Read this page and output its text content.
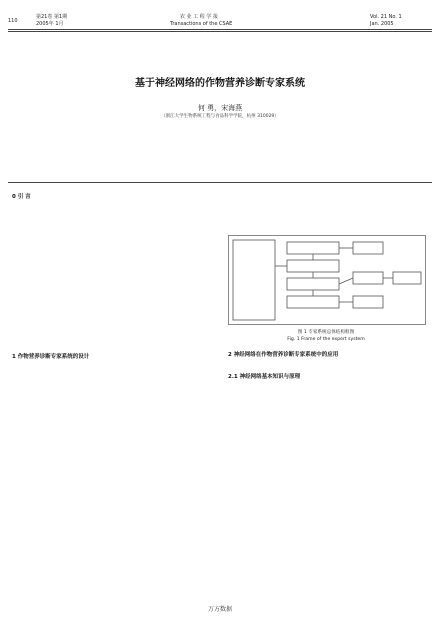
110
第21卷 第1期
2005年 1月
农 业 工 程 学 报
Transactions of the CSAE
Vol. 21 No. 1
Jan. 2005
基于神经网络的作物营养诊断专家系统
何 勇，宋海燕
（浙江大学生物系统工程与食品科学学院，杭州 310029）
0 引 言
1 作物营养诊断专家系统的设计
图 1 专家系统总体结构框图
Fig. 1 Frame of the expert system
2 神经网络在作物营养诊断专家系统中的应用
2.1 神经网络基本知识与原理
万方数据
